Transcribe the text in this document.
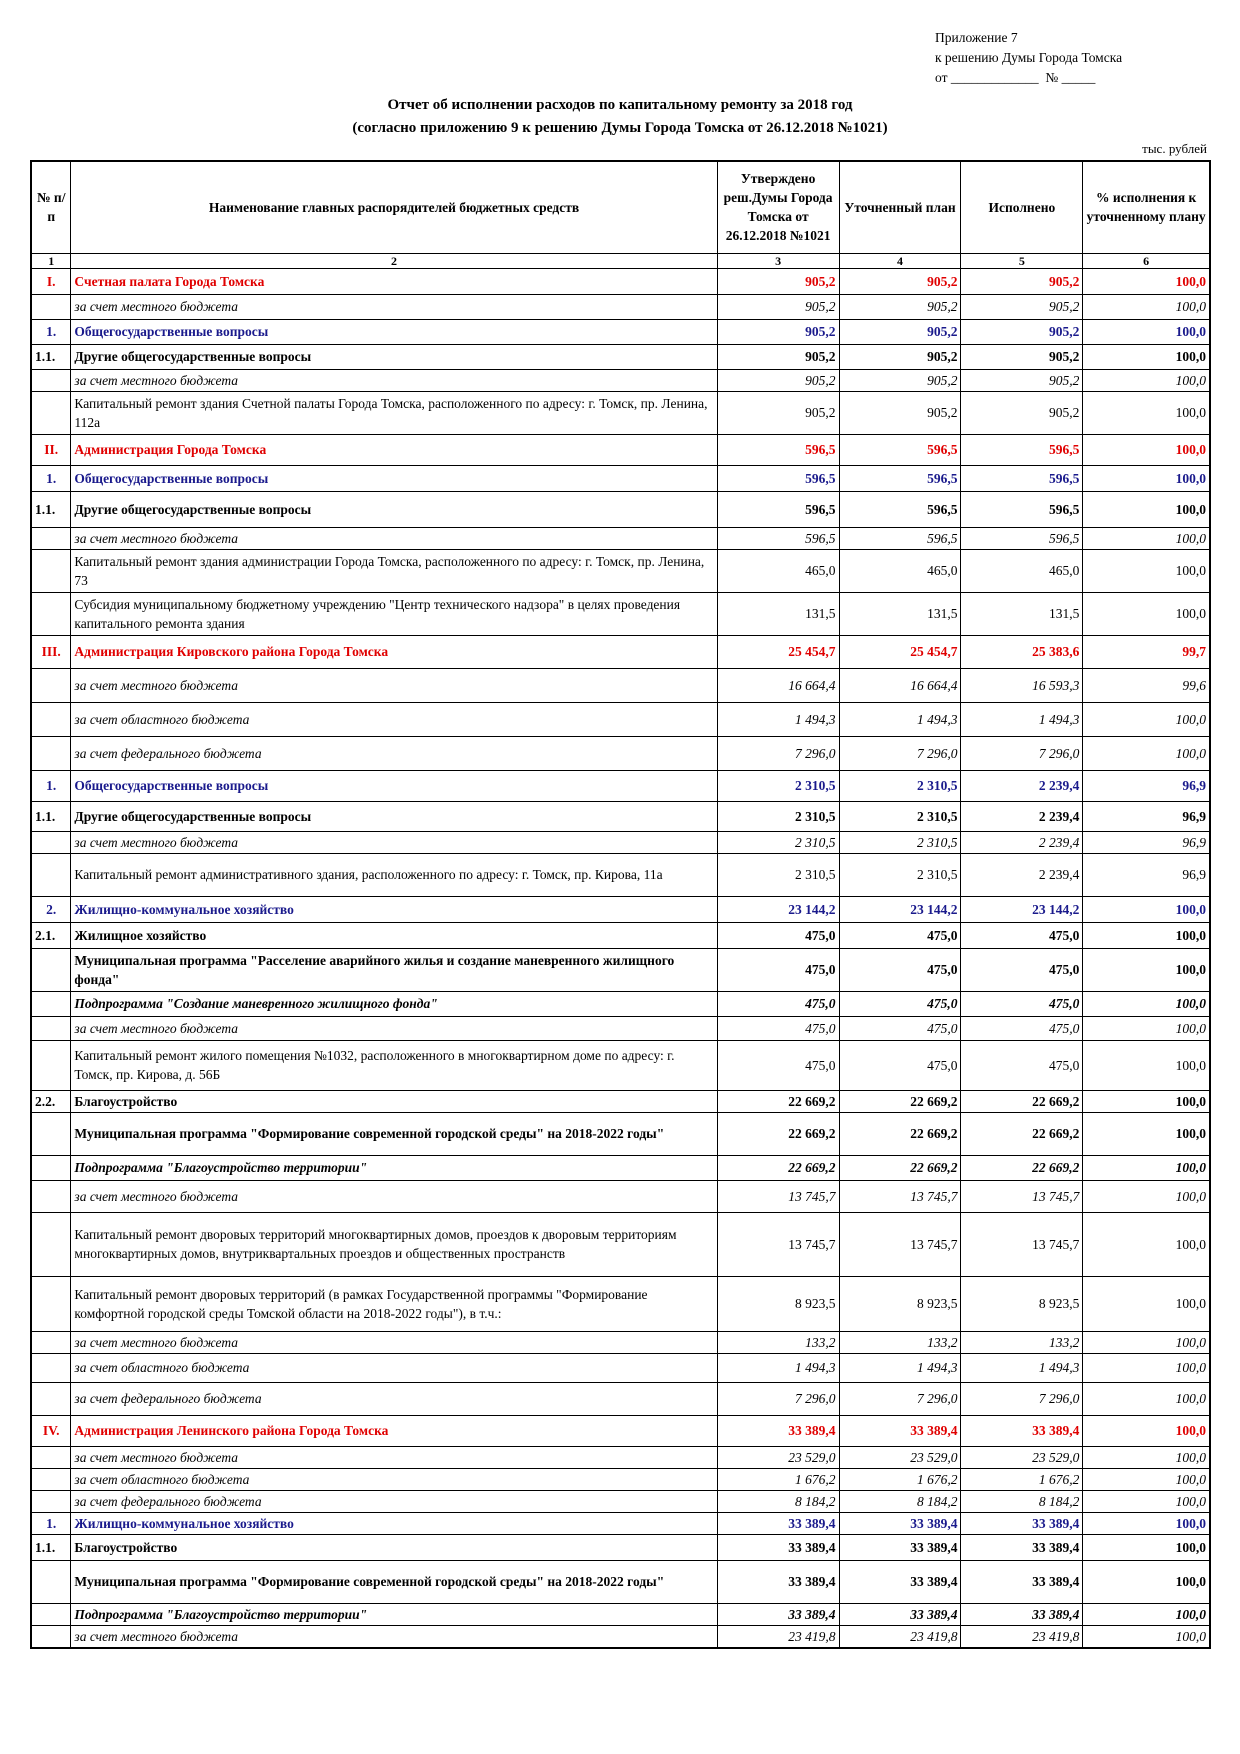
Приложение 7
к решению Думы Города Томска
от _____________  № _____
Отчет об исполнении расходов по капитальному ремонту за 2018 год
(согласно приложению 9 к решению Думы Города Томска от 26.12.2018 №1021)
тыс. рублей
№ п/п	Наименование главных распорядителей бюджетных средств	Утверждено реш.Думы Города Томска от 26.12.2018 №1021	Уточненный план	Исполнено	% исполнения к уточненному плану
1	2	3	4	5	6
I.	Счетная палата Города Томска	905,2	905,2	905,2	100,0
	за счет местного бюджета	905,2	905,2	905,2	100,0
1.	Общегосударственные вопросы	905,2	905,2	905,2	100,0
1.1.	Другие общегосударственные вопросы	905,2	905,2	905,2	100,0
	за счет местного бюджета	905,2	905,2	905,2	100,0
	Капитальный ремонт здания Счетной палаты Города Томска, расположенного по адресу: г. Томск, пр. Ленина, 112а	905,2	905,2	905,2	100,0
II.	Администрация Города Томска	596,5	596,5	596,5	100,0
1.	Общегосударственные вопросы	596,5	596,5	596,5	100,0
1.1.	Другие общегосударственные вопросы	596,5	596,5	596,5	100,0
	за счет местного бюджета	596,5	596,5	596,5	100,0
	Капитальный ремонт здания администрации Города Томска, расположенного по адресу: г. Томск, пр. Ленина, 73	465,0	465,0	465,0	100,0
	Субсидия муниципальному бюджетному учреждению "Центр технического надзора" в целях проведения капитального ремонта здания	131,5	131,5	131,5	100,0
III.	Администрация Кировского района Города Томска	25 454,7	25 454,7	25 383,6	99,7
	за счет местного бюджета	16 664,4	16 664,4	16 593,3	99,6
	за счет областного бюджета	1 494,3	1 494,3	1 494,3	100,0
	за счет федерального бюджета	7 296,0	7 296,0	7 296,0	100,0
1.	Общегосударственные вопросы	2 310,5	2 310,5	2 239,4	96,9
1.1.	Другие общегосударственные вопросы	2 310,5	2 310,5	2 239,4	96,9
	за счет местного бюджета	2 310,5	2 310,5	2 239,4	96,9
	Капитальный ремонт административного здания, расположенного по адресу: г. Томск, пр. Кирова, 11а	2 310,5	2 310,5	2 239,4	96,9
2.	Жилищно-коммунальное хозяйство	23 144,2	23 144,2	23 144,2	100,0
2.1.	Жилищное хозяйство	475,0	475,0	475,0	100,0
	Муниципальная программа "Расселение аварийного жилья и создание маневренного жилищного фонда"	475,0	475,0	475,0	100,0
	Подпрограмма "Создание маневренного жилищного фонда"	475,0	475,0	475,0	100,0
	за счет местного бюджета	475,0	475,0	475,0	100,0
	Капитальный ремонт жилого помещения №1032, расположенного в многоквартирном доме по адресу: г. Томск, пр. Кирова, д. 56Б	475,0	475,0	475,0	100,0
2.2.	Благоустройство	22 669,2	22 669,2	22 669,2	100,0
	Муниципальная программа "Формирование современной городской среды" на 2018-2022 годы"	22 669,2	22 669,2	22 669,2	100,0
	Подпрограмма "Благоустройство территории"	22 669,2	22 669,2	22 669,2	100,0
	за счет местного бюджета	13 745,7	13 745,7	13 745,7	100,0
	Капитальный ремонт дворовых территорий многоквартирных домов, проездов к дворовым территориям многоквартирных домов, внутриквартальных проездов и общественных пространств	13 745,7	13 745,7	13 745,7	100,0
	Капитальный ремонт дворовых территорий (в рамках Государственной программы "Формирование комфортной городской среды Томской области на 2018-2022 годы"), в т.ч.:	8 923,5	8 923,5	8 923,5	100,0
	за счет местного бюджета	133,2	133,2	133,2	100,0
	за счет областного бюджета	1 494,3	1 494,3	1 494,3	100,0
	за счет федерального бюджета	7 296,0	7 296,0	7 296,0	100,0
IV.	Администрация Ленинского района Города Томска	33 389,4	33 389,4	33 389,4	100,0
	за счет местного бюджета	23 529,0	23 529,0	23 529,0	100,0
	за счет областного бюджета	1 676,2	1 676,2	1 676,2	100,0
	за счет федерального бюджета	8 184,2	8 184,2	8 184,2	100,0
1.	Жилищно-коммунальное хозяйство	33 389,4	33 389,4	33 389,4	100,0
1.1.	Благоустройство	33 389,4	33 389,4	33 389,4	100,0
	Муниципальная программа "Формирование современной городской среды" на 2018-2022 годы"	33 389,4	33 389,4	33 389,4	100,0
	Подпрограмма "Благоустройство территории"	33 389,4	33 389,4	33 389,4	100,0
	за счет местного бюджета	23 419,8	23 419,8	23 419,8	100,0
